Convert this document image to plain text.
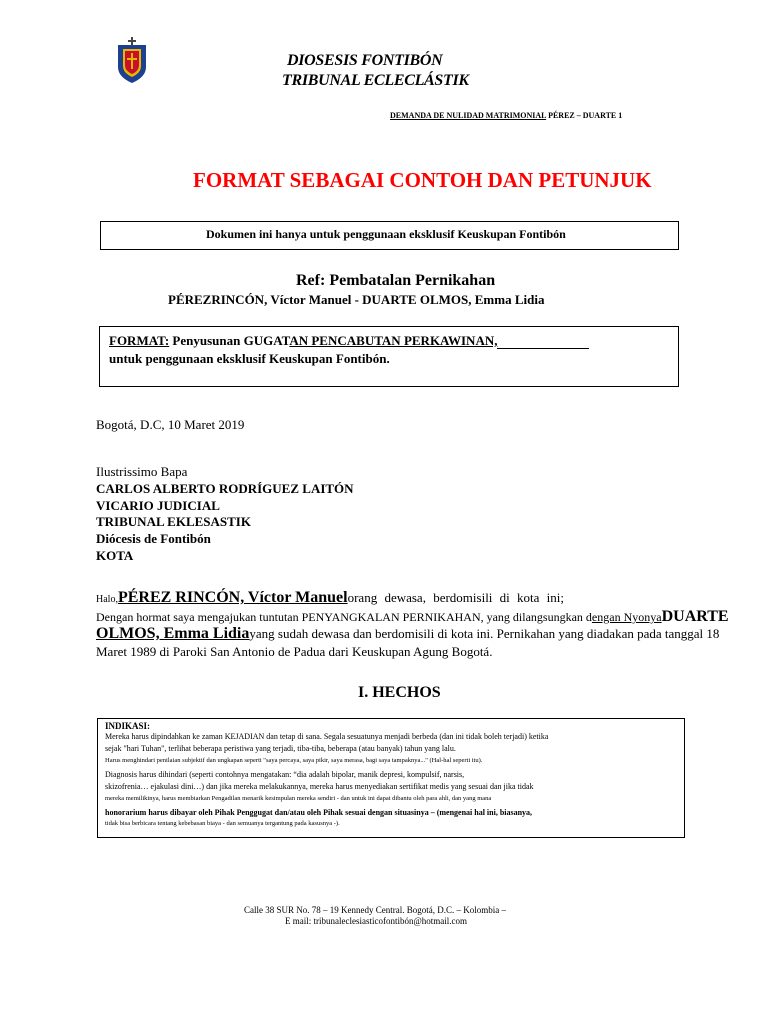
DIOSESIS FONTIBÓN
TRIBUNAL ECLECLÁSTIK
DEMANDA DE NULIDAD MATRIMONIAL PÉREZ – DUARTE 1
FORMAT SEBAGAI CONTOH DAN PETUNJUK
Dokumen ini hanya untuk penggunaan eksklusif Keuskupan Fontibón
Ref: Pembatalan Pernikahan
PÉREZRINCÓN, Víctor Manuel - DUARTE OLMOS, Emma Lidia
FORMAT: Penyusunan GUGATAN PENCABUTAN PERKAWINAN,
untuk penggunaan eksklusif Keuskupan Fontibón.
Bogotá, D.C, 10 Maret 2019
Ilustrissimo Bapa
CARLOS ALBERTO RODRÍGUEZ LAITÓN
VICARIO JUDICIAL
TRIBUNAL EKLESASTIK
Diócesis de Fontibón
KOTA
Halo,PÉREZ RINCÓN, Víctor Manuelorang dewasa, berdomisili di kota ini;
Dengan hormat saya mengajukan tuntutan PENYANGKALAN PERNIKAHAN, yang dilangsungkan dengan NyonyaDUARTE
OLMOS, Emma Lidiayang sudah dewasa dan berdomisili di kota ini. Pernikahan yang diadakan pada tanggal 18
Maret 1989 di Paroki San Antonio de Padua dari Keuskupan Agung Bogotá.
I. HECHOS
INDIKASI:
Mereka harus dipindahkan ke zaman KEJADIAN dan tetap di sana. Segala sesuatunya menjadi berbeda (dan ini tidak boleh terjadi) ketika
sejak "hari Tuhan", terlihat beberapa peristiwa yang terjadi, tiba-tiba, beberapa (atau banyak) tahun yang lalu.
Harus menghindari penilaian subjektif dan ungkapan seperti "saya percaya, saya pikir, saya merasa, bagi saya tampaknya..." (Hal-hal seperti itu).
Diagnosis harus dihindari (seperti contohnya mengatakan: “dia adalah bipolar, manik depresi, kompulsif, narsis,
skizofrenia… ejakulasi dini…) dan jika mereka melakukannya, mereka harus menyediakan sertifikat medis yang sesuai dan jika tidak
mereka memilikinya, harus membiarkan Pengadilan menarik kesimpulan mereka sendiri - dan untuk ini dapat dibantu oleh para ahli, dan yang mana
honorarium harus dibayar oleh Pihak Penggugat dan/atau oleh Pihak sesuai dengan situasinya – (mengenai hal ini, biasanya,
tidak bisa berbicara tentang kebebasan biaya - dan semuanya tergantung pada kasusnya -).
Calle 38 SUR No. 78 – 19 Kennedy Central. Bogotá, D.C. – Kolombia –
E mail: tribunaleclesiasticofontibón@hotmail.com
